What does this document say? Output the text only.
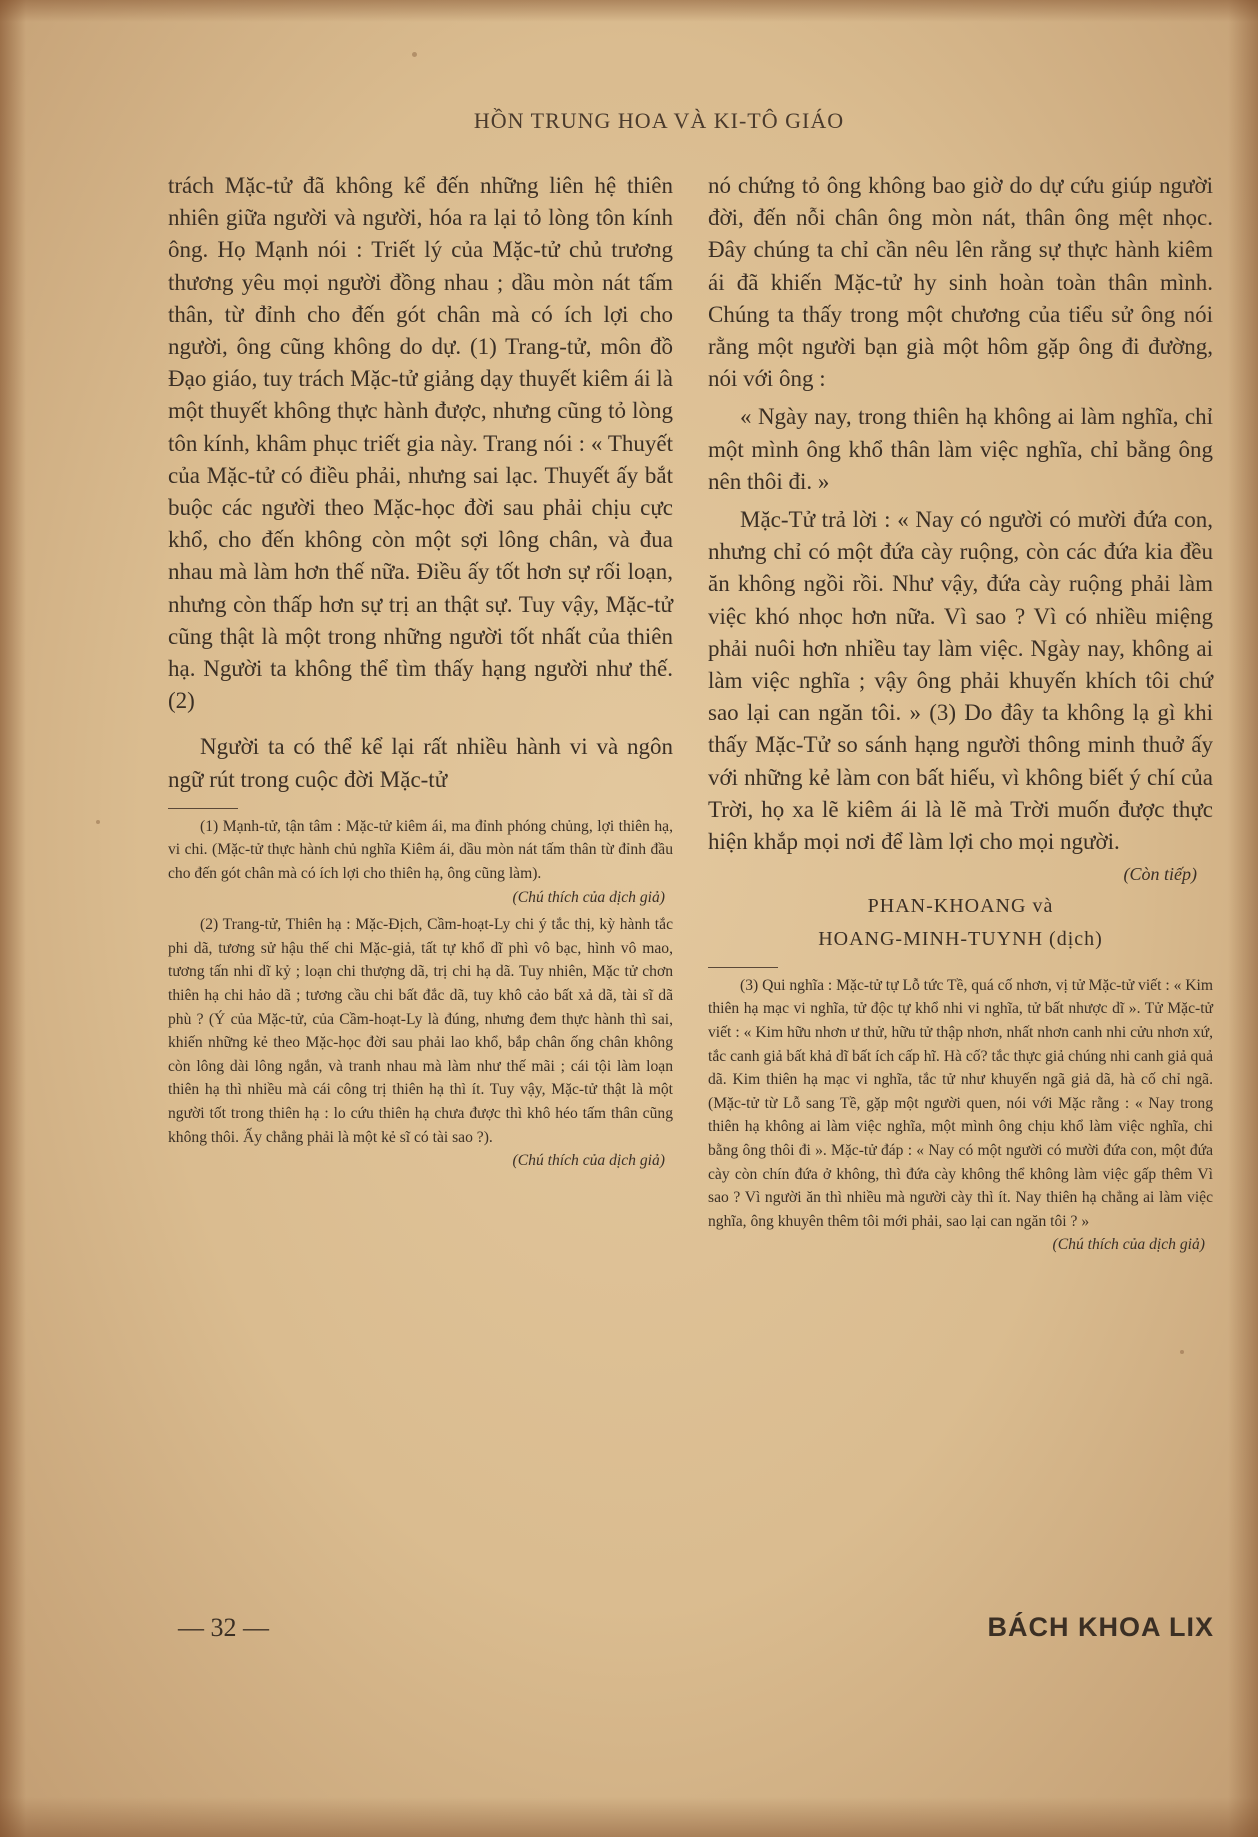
HỒN TRUNG HOA VÀ KI-TÔ GIÁO

trách Mặc-tử đã không kể đến những liên hệ thiên nhiên giữa người và người, hóa ra lại tỏ lòng tôn kính ông. Họ Mạnh nói : Triết lý của Mặc-tử chủ trương thương yêu mọi người đồng nhau ; dầu mòn nát tấm thân, từ đỉnh cho đến gót chân mà có ích lợi cho người, ông cũng không do dự. (1) Trang-tử, môn đồ Đạo giáo, tuy trách Mặc-tử giảng dạy thuyết kiêm ái là một thuyết không thực hành được, nhưng cũng tỏ lòng tôn kính, khâm phục triết gia này. Trang nói : « Thuyết của Mặc-tử có điều phải, nhưng sai lạc. Thuyết ấy bắt buộc các người theo Mặc-học đời sau phải chịu cực khổ, cho đến không còn một sợi lông chân, và đua nhau mà làm hơn thế nữa. Điều ấy tốt hơn sự rối loạn, nhưng còn thấp hơn sự trị an thật sự. Tuy vậy, Mặc-tử cũng thật là một trong những người tốt nhất của thiên hạ. Người ta không thể tìm thấy hạng người như thế. (2)

Người ta có thể kể lại rất nhiều hành vi và ngôn ngữ rút trong cuộc đời Mặc-tử

(1) Mạnh-tử, tận tâm : Mặc-tử kiêm ái, ma đỉnh phóng chủng, lợi thiên hạ, vi chi. (Mặc-tử thực hành chủ nghĩa Kiêm ái, dầu mòn nát tấm thân từ đỉnh đầu cho đến gót chân mà có ích lợi cho thiên hạ, ông cũng làm).

(Chú thích của dịch giả)

(2) Trang-tử, Thiên hạ : Mặc-Địch, Cầm-hoạt-Ly chi ý tắc thị, kỳ hành tắc phi dã, tương sử hậu thế chi Mặc-giả, tất tự khổ dĩ phì vô bạc, hình vô mao, tương tấn nhi dĩ kỷ ; loạn chi thượng dã, trị chi hạ dã. Tuy nhiên, Mặc tử chơn thiên hạ chi hảo dã ; tương cầu chi bất đắc dã, tuy khô cảo bất xả dã, tài sĩ dã phù ? (Ý của Mặc-tử, của Cầm-hoạt-Ly là đúng, nhưng đem thực hành thì sai, khiến những kẻ theo Mặc-học đời sau phải lao khổ, bắp chân ống chân không còn lông dài lông ngắn, và tranh nhau mà làm như thế mãi ; cái tội làm loạn thiên hạ thì nhiều mà cái công trị thiên hạ thì ít. Tuy vậy, Mặc-tử thật là một người tốt trong thiên hạ : lo cứu thiên hạ chưa được thì khô héo tấm thân cũng không thôi. Ấy chẳng phải là một kẻ sĩ có tài sao ?).

(Chú thích của dịch giả)

nó chứng tỏ ông không bao giờ do dự cứu giúp người đời, đến nỗi chân ông mòn nát, thân ông mệt nhọc. Đây chúng ta chỉ cần nêu lên rằng sự thực hành kiêm ái đã khiến Mặc-tử hy sinh hoàn toàn thân mình. Chúng ta thấy trong một chương của tiểu sử ông nói rằng một người bạn già một hôm gặp ông đi đường, nói với ông :

« Ngày nay, trong thiên hạ không ai làm nghĩa, chỉ một mình ông khổ thân làm việc nghĩa, chỉ bằng ông nên thôi đi. »

Mặc-Tử trả lời : « Nay có người có mười đứa con, nhưng chỉ có một đứa cày ruộng, còn các đứa kia đều ăn không ngồi rồi. Như vậy, đứa cày ruộng phải làm việc khó nhọc hơn nữa. Vì sao ? Vì có nhiều miệng phải nuôi hơn nhiều tay làm việc. Ngày nay, không ai làm việc nghĩa ; vậy ông phải khuyến khích tôi chứ sao lại can ngăn tôi. » (3) Do đây ta không lạ gì khi thấy Mặc-Tử so sánh hạng người thông minh thuở ấy với những kẻ làm con bất hiếu, vì không biết ý chí của Trời, họ xa lẽ kiêm ái là lẽ mà Trời muốn được thực hiện khắp mọi nơi để làm lợi cho mọi người.

(Còn tiếp)

PHAN-KHOANG và

HOANG-MINH-TUYNH (dịch)

(3) Qui nghĩa : Mặc-tử tự Lỗ tức Tề, quá cố nhơn, vị tử Mặc-tử viết : « Kim thiên hạ mạc vi nghĩa, tử độc tự khổ nhi vi nghĩa, tử bất nhược dĩ ». Tử Mặc-tử viết : « Kim hữu nhơn ư thử, hữu tử thập nhơn, nhất nhơn canh nhi cửu nhơn xứ, tắc canh giả bất khả dĩ bất ích cấp hĩ. Hà cố? tắc thực giả chúng nhi canh giả quả dã. Kim thiên hạ mạc vi nghĩa, tắc tử như khuyến ngã giả dã, hà cố chỉ ngã. (Mặc-tử từ Lỗ sang Tề, gặp một người quen, nói với Mặc rằng : « Nay trong thiên hạ không ai làm việc nghĩa, một mình ông chịu khổ làm việc nghĩa, chi bằng ông thôi đi ». Mặc-tử đáp : « Nay có một người có mười đứa con, một đứa cày còn chín đứa ở không, thì đứa cày không thể không làm việc gấp thêm Vì sao ? Vì người ăn thì nhiều mà người cày thì ít. Nay thiên hạ chẳng ai làm việc nghĩa, ông khuyên thêm tôi mới phải, sao lại can ngăn tôi ? »

(Chú thích của dịch giả)

— 32 —	BÁCH KHOA LIX
